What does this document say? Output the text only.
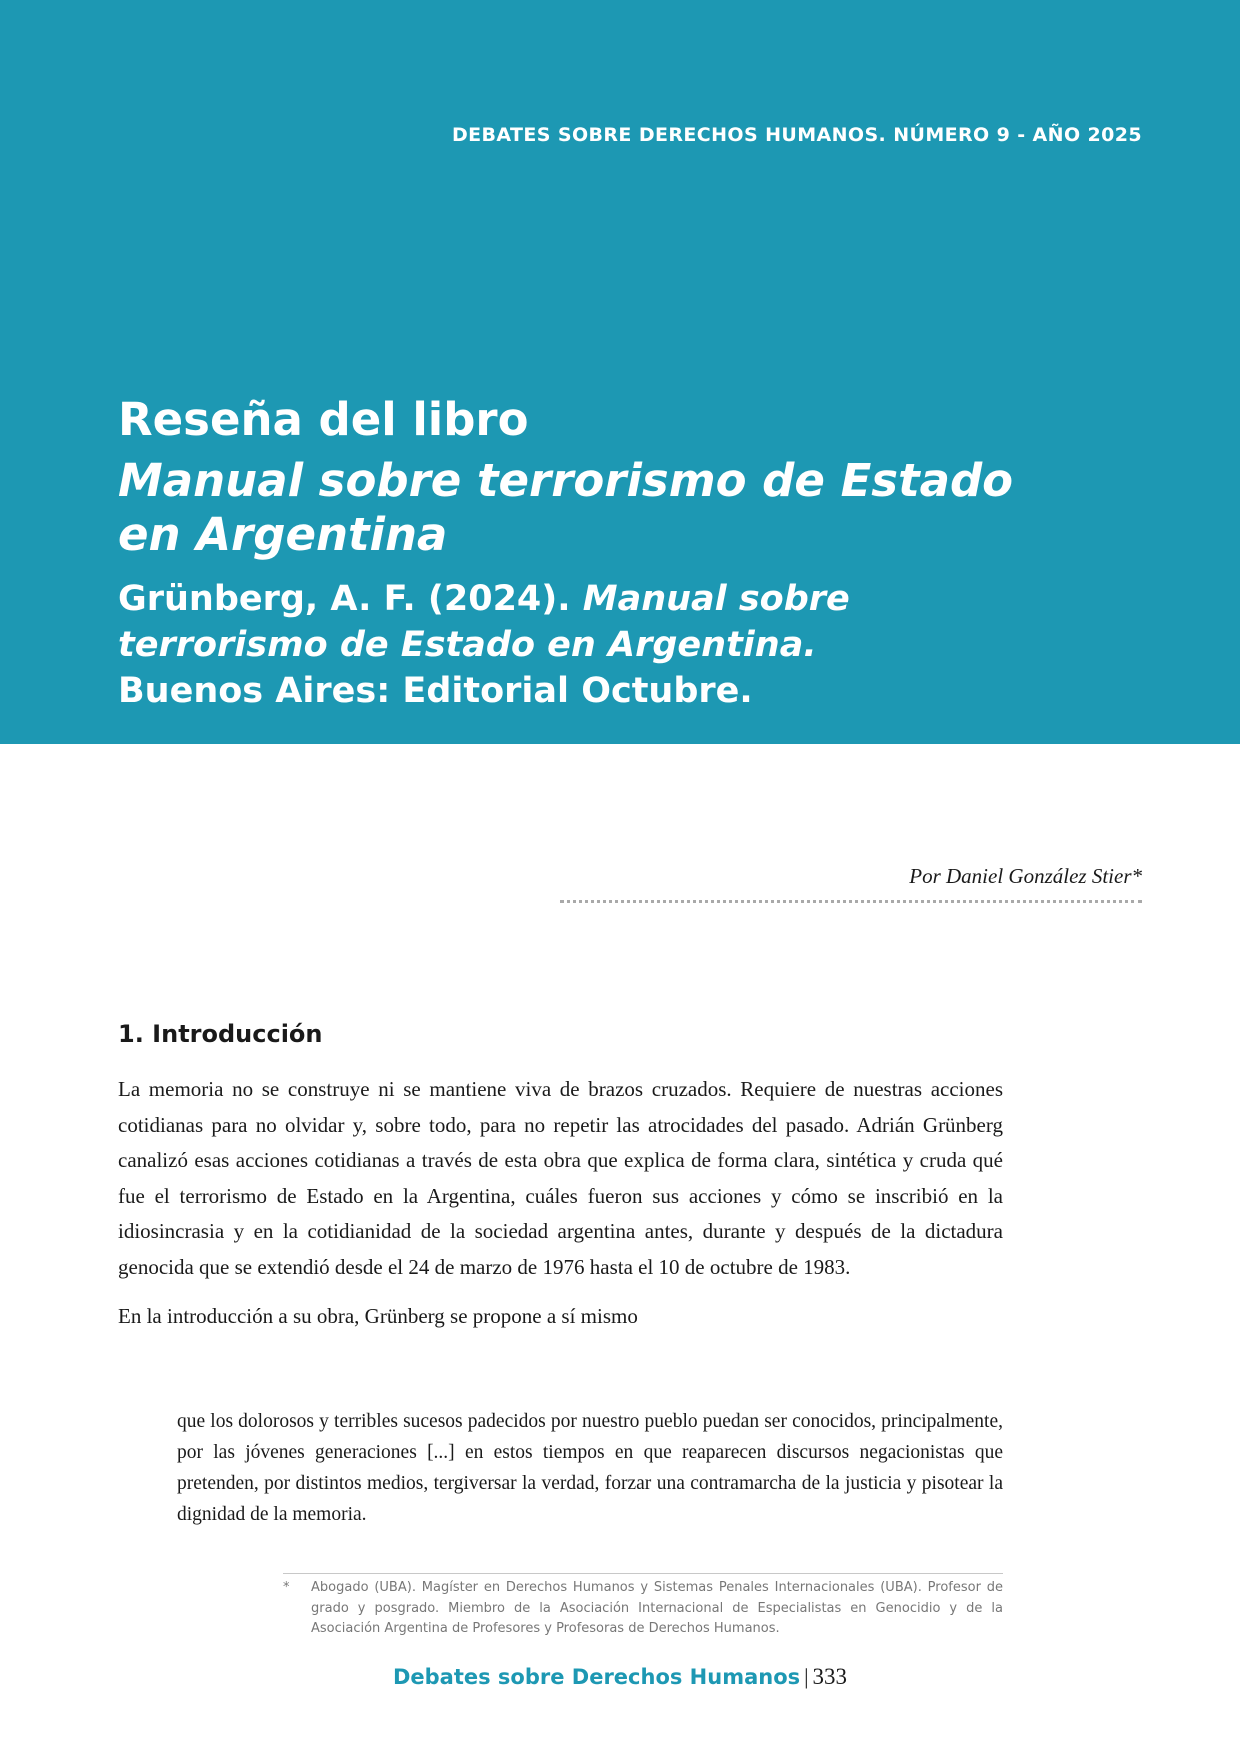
DEBATES SOBRE DERECHOS HUMANOS. NÚMERO 9 - AÑO 2025
Reseña del libro
Manual sobre terrorismo de Estado en Argentina

Grünberg, A. F. (2024). Manual sobre terrorismo de Estado en Argentina. Buenos Aires: Editorial Octubre.

Por Daniel González Stier*
1. Introducción

La memoria no se construye ni se mantiene viva de brazos cruzados. Requiere de nuestras acciones cotidianas para no olvidar y, sobre todo, para no repetir las atrocidades del pasado. Adrián Grünberg canalizó esas acciones cotidianas a través de esta obra que explica de forma clara, sintética y cruda qué fue el terrorismo de Estado en la Argentina, cuáles fueron sus acciones y cómo se inscribió en la idiosincrasia y en la cotidianidad de la sociedad argentina antes, durante y después de la dictadura genocida que se extendió desde el 24 de marzo de 1976 hasta el 10 de octubre de 1983.

En la introducción a su obra, Grünberg se propone a sí mismo

que los dolorosos y terribles sucesos padecidos por nuestro pueblo puedan ser conocidos, principalmente, por las jóvenes generaciones [...] en estos tiempos en que reaparecen discursos negacionistas que pretenden, por distintos medios, tergiversar la verdad, forzar una contramarcha de la justicia y pisotear la dignidad de la memoria.

* Abogado (UBA). Magíster en Derechos Humanos y Sistemas Penales Internacionales (UBA). Profesor de grado y posgrado. Miembro de la Asociación Internacional de Especialistas en Genocidio y de la Asociación Argentina de Profesores y Profesoras de Derechos Humanos.
Debates sobre Derechos Humanos | 333
